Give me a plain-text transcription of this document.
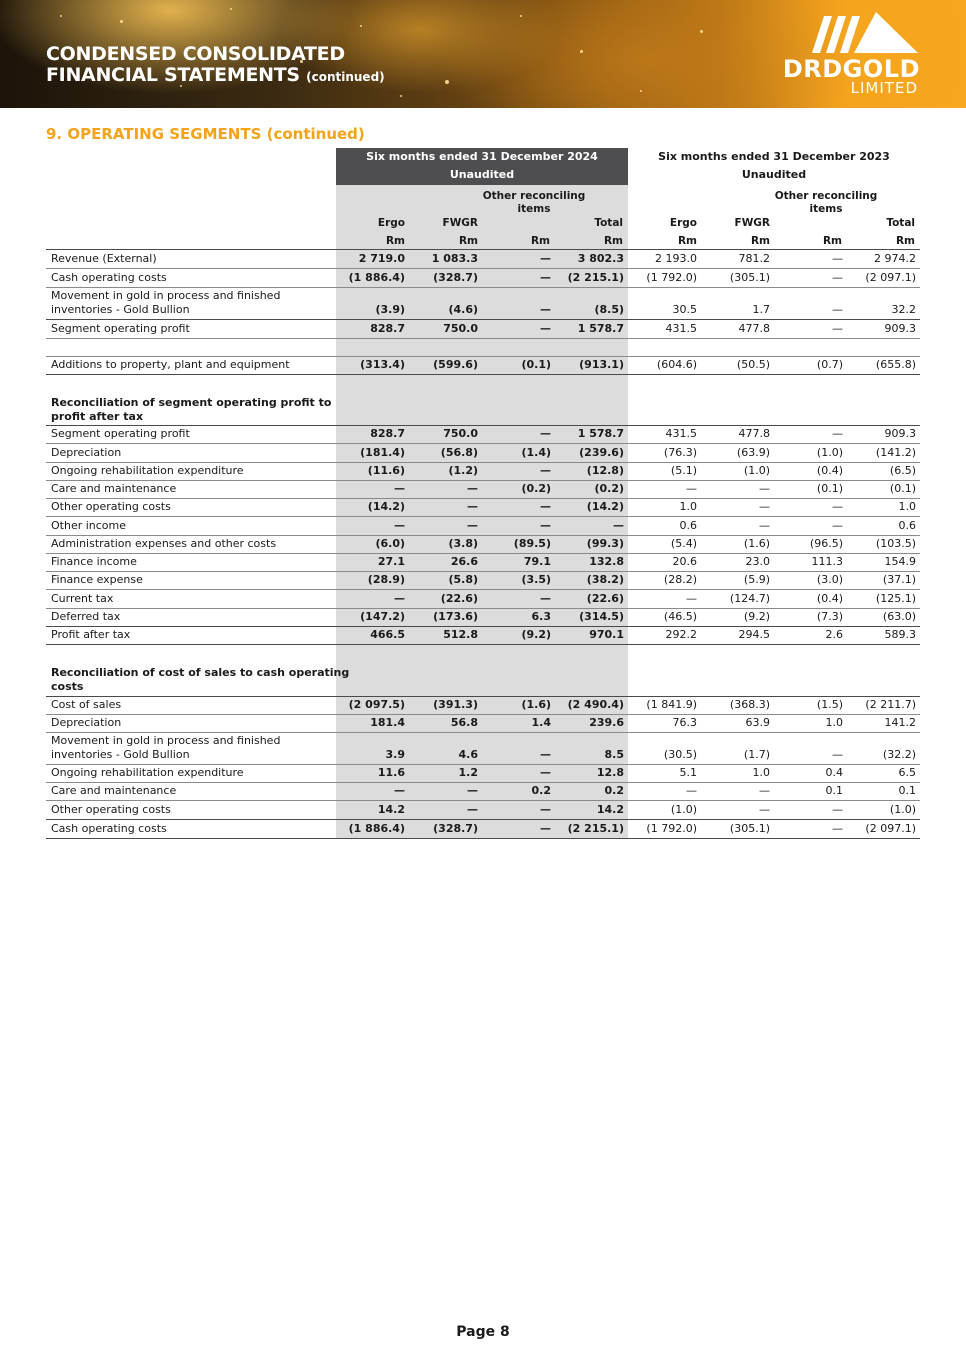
CONDENSED CONSOLIDATED
FINANCIAL STATEMENTS (continued)	DRDGOLD
LIMITED
9. OPERATING SEGMENTS (continued)
Six months ended 31 December 2024
Unaudited
Six months ended 31 December 2023
Unaudited
Ergo	FWGR
Other reconciling items
Total	Ergo	FWGR
Other reconciling items
Total
Rm	Rm	Rm	Rm	Rm	Rm	Rm	Rm
Revenue (External)	2 719.0	1 083.3	—	3 802.3	2 193.0	781.2	—	2 974.2
Cash operating costs	(1 886.4)	(328.7)	—	(2 215.1)	(1 792.0)	(305.1)	—	(2 097.1)
Movement in gold in process and finished
inventories - Gold Bullion	(3.9)	(4.6)	—	(8.5)	30.5	1.7	—	32.2
Segment operating profit	828.7	750.0	—	1 578.7	431.5	477.8	—	909.3
Additions to property, plant and equipment	(313.4)	(599.6)	(0.1)	(913.1)	(604.6)	(50.5)	(0.7)	(655.8)
Segment operating profit	828.7	750.0	—	1 578.7	431.5	477.8	—	909.3
Depreciation	(181.4)	(56.8)	(1.4)	(239.6)	(76.3)	(63.9)	(1.0)	(141.2)
Ongoing rehabilitation expenditure	(11.6)	(1.2)	—	(12.8)	(5.1)	(1.0)	(0.4)	(6.5)
Care and maintenance	—	—	(0.2)	(0.2)	—	—	(0.1)	(0.1)
Other operating costs	(14.2)	—	—	(14.2)	1.0	—	—	1.0
Other income	—	—	—	—	0.6	—	—	0.6
Administration expenses and other costs	(6.0)	(3.8)	(89.5)	(99.3)	(5.4)	(1.6)	(96.5)	(103.5)
Finance income	27.1	26.6	79.1	132.8	20.6	23.0	111.3	154.9
Finance expense	(28.9)	(5.8)	(3.5)	(38.2)	(28.2)	(5.9)	(3.0)	(37.1)
Current tax	—	(22.6)	—	(22.6)	—	(124.7)	(0.4)	(125.1)
Deferred tax	(147.2)	(173.6)	6.3	(314.5)	(46.5)	(9.2)	(7.3)	(63.0)
Profit after tax	466.5	512.8	(9.2)	970.1	292.2	294.5	2.6	589.3
Cost of sales	(2 097.5)	(391.3)	(1.6)	(2 490.4)	(1 841.9)	(368.3)	(1.5)	(2 211.7)
Depreciation	181.4	56.8	1.4	239.6	76.3	63.9	1.0	141.2
Movement in gold in process and finished
inventories - Gold Bullion	3.9	4.6	—	8.5	(30.5)	(1.7)	—	(32.2)
Ongoing rehabilitation expenditure	11.6	1.2	—	12.8	5.1	1.0	0.4	6.5
Care and maintenance	—	—	0.2	0.2	—	—	0.1	0.1
Other operating costs	14.2	—	—	14.2	(1.0)	—	—	(1.0)
Cash operating costs	(1 886.4)	(328.7)	—	(2 215.1)	(1 792.0)	(305.1)	—	(2 097.1)
Reconciliation of segment operating profit to
profit after tax
Reconciliation of cost of sales to cash operating
costs
Page 8
